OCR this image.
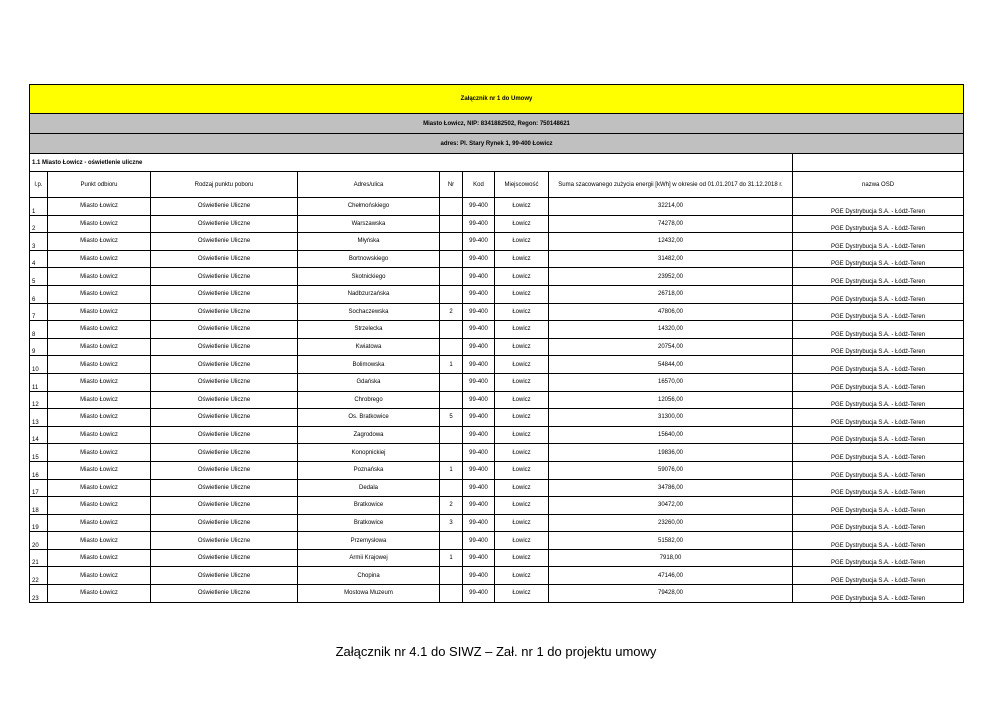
Załącznik nr 1 do Umowy								
Miasto Łowicz, NIP: 8341882502, Regon: 750148621								
adres: Pl. Stary Rynek 1, 99-400 Łowicz								
1.1 Miasto Łowicz - oświetlenie uliczne								
l.p.	Punkt odbioru	Rodzaj punktu poboru	Adres/ulica	Nr	Kod	Miejscowość	Suma szacowanego zużycia energii [kWh] w okresie od 01.01.2017 do 31.12.2018 r.	nazwa OSD
1	Miasto Łowicz	Oświetlenie Uliczne	Chełmońskiego		99-400	Łowicz	32214,00	PGE Dystrybucja S.A. - Łódź-Teren
2	Miasto Łowicz	Oświetlenie Uliczne	Warszawska		99-400	Łowicz	74278,00	PGE Dystrybucja S.A. - Łódź-Teren
3	Miasto Łowicz	Oświetlenie Uliczne	Młyńska		99-400	Łowicz	12432,00	PGE Dystrybucja S.A. - Łódź-Teren
4	Miasto Łowicz	Oświetlenie Uliczne	Bortnowskiego		99-400	Łowicz	31482,00	PGE Dystrybucja S.A. - Łódź-Teren
5	Miasto Łowicz	Oświetlenie Uliczne	Skotnickiego		99-400	Łowicz	23952,00	PGE Dystrybucja S.A. - Łódź-Teren
6	Miasto Łowicz	Oświetlenie Uliczne	Nadbzurzańska		99-400	Łowicz	26718,00	PGE Dystrybucja S.A. - Łódź-Teren
7	Miasto Łowicz	Oświetlenie Uliczne	Sochaczewska	2	99-400	Łowicz	47806,00	PGE Dystrybucja S.A. - Łódź-Teren
8	Miasto Łowicz	Oświetlenie Uliczne	Strzelecka		99-400	Łowicz	14320,00	PGE Dystrybucja S.A. - Łódź-Teren
9	Miasto Łowicz	Oświetlenie Uliczne	Kwiatowa		99-400	Łowicz	20754,00	PGE Dystrybucja S.A. - Łódź-Teren
10	Miasto Łowicz	Oświetlenie Uliczne	Bolimowska	1	99-400	Łowicz	54844,00	PGE Dystrybucja S.A. - Łódź-Teren
11	Miasto Łowicz	Oświetlenie Uliczne	Gdańska		99-400	Łowicz	16570,00	PGE Dystrybucja S.A. - Łódź-Teren
12	Miasto Łowicz	Oświetlenie Uliczne	Chrobrego		99-400	Łowicz	12056,00	PGE Dystrybucja S.A. - Łódź-Teren
13	Miasto Łowicz	Oświetlenie Uliczne	Os. Bratkowice	5	99-400	Łowicz	31300,00	PGE Dystrybucja S.A. - Łódź-Teren
14	Miasto Łowicz	Oświetlenie Uliczne	Zagrodowa		99-400	Łowicz	15640,00	PGE Dystrybucja S.A. - Łódź-Teren
15	Miasto Łowicz	Oświetlenie Uliczne	Konopnickiej		99-400	Łowicz	19836,00	PGE Dystrybucja S.A. - Łódź-Teren
16	Miasto Łowicz	Oświetlenie Uliczne	Poznańska	1	99-400	Łowicz	59076,00	PGE Dystrybucja S.A. - Łódź-Teren
17	Miasto Łowicz	Oświetlenie Uliczne	Dedala		99-400	Łowicz	34786,00	PGE Dystrybucja S.A. - Łódź-Teren
18	Miasto Łowicz	Oświetlenie Uliczne	Bratkowice	2	99-400	Łowicz	30472,00	PGE Dystrybucja S.A. - Łódź-Teren
19	Miasto Łowicz	Oświetlenie Uliczne	Bratkowice	3	99-400	Łowicz	23260,00	PGE Dystrybucja S.A. - Łódź-Teren
20	Miasto Łowicz	Oświetlenie Uliczne	Przemysłowa		99-400	Łowicz	51582,00	PGE Dystrybucja S.A. - Łódź-Teren
21	Miasto Łowicz	Oświetlenie Uliczne	Armii Krajowej	1	99-400	Łowicz	7918,00	PGE Dystrybucja S.A. - Łódź-Teren
22	Miasto Łowicz	Oświetlenie Uliczne	Chopina		99-400	Łowicz	47146,00	PGE Dystrybucja S.A. - Łódź-Teren
23	Miasto Łowicz	Oświetlenie Uliczne	Mostowa Muzeum		99-400	Łowicz	79428,00	PGE Dystrybucja S.A. - Łódź-Teren
Załącznik nr 4.1 do SIWZ – Zał. nr 1 do projektu umowy
